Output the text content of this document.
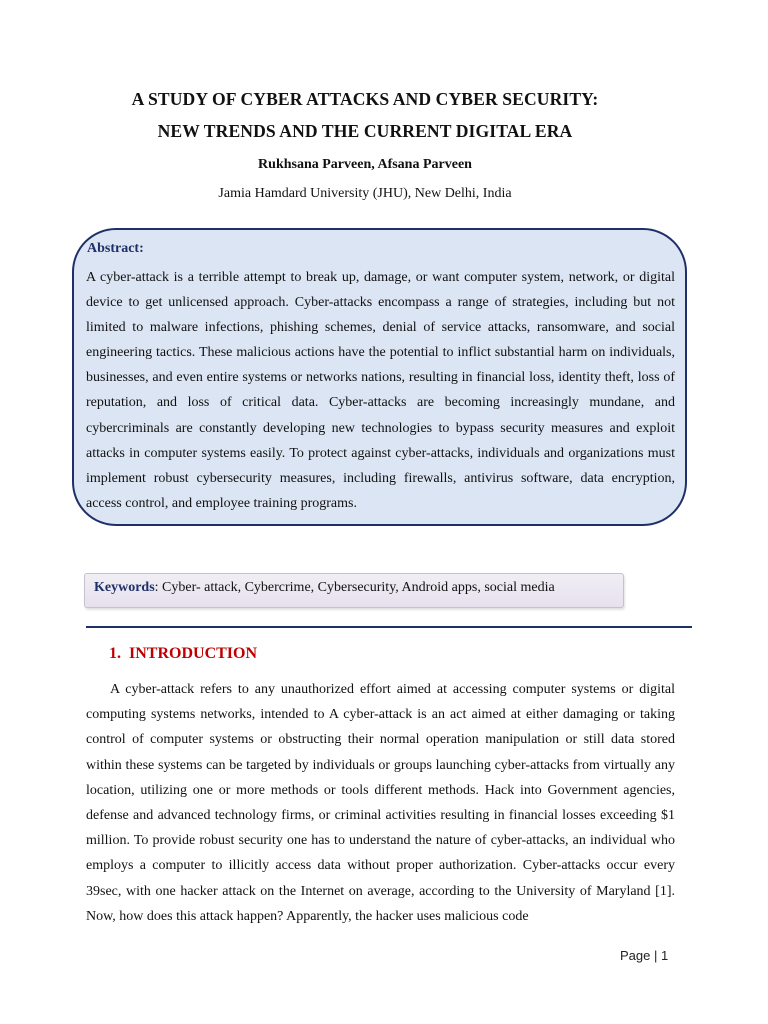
A STUDY OF CYBER ATTACKS AND CYBER SECURITY:
NEW TRENDS AND THE CURRENT DIGITAL ERA
Rukhsana Parveen, Afsana Parveen
Jamia Hamdard University (JHU), New Delhi, India
Abstract:
A cyber-attack is a terrible attempt to break up, damage, or want computer system, network, or digital device to get unlicensed approach. Cyber-attacks encompass a range of strategies, including but not limited to malware infections, phishing schemes, denial of service attacks, ransomware, and social engineering tactics. These malicious actions have the potential to inflict substantial harm on individuals, businesses, and even entire systems or networks nations, resulting in financial loss, identity theft, loss of reputation, and loss of critical data. Cyber-attacks are becoming increasingly mundane, and cybercriminals are constantly developing new technologies to bypass security measures and exploit attacks in computer systems easily. To protect against cyber-attacks, individuals and organizations must implement robust cybersecurity measures, including firewalls, antivirus software, data encryption, access control, and employee training programs.
Keywords: Cyber- attack, Cybercrime, Cybersecurity, Android apps, social media
1. INTRODUCTION
A cyber-attack refers to any unauthorized effort aimed at accessing computer systems or digital computing systems networks, intended to A cyber-attack is an act aimed at either damaging or taking control of computer systems or obstructing their normal operation manipulation or still data stored within these systems can be targeted by individuals or groups launching cyber-attacks from virtually any location, utilizing one or more methods or tools different methods. Hack into Government agencies, defense and advanced technology firms, or criminal activities resulting in financial losses exceeding $1 million. To provide robust security one has to understand the nature of cyber-attacks, an individual who employs a computer to illicitly access data without proper authorization. Cyber-attacks occur every 39sec, with one hacker attack on the Internet on average, according to the University of Maryland [1]. Now, how does this attack happen? Apparently, the hacker uses malicious code
Page | 1
